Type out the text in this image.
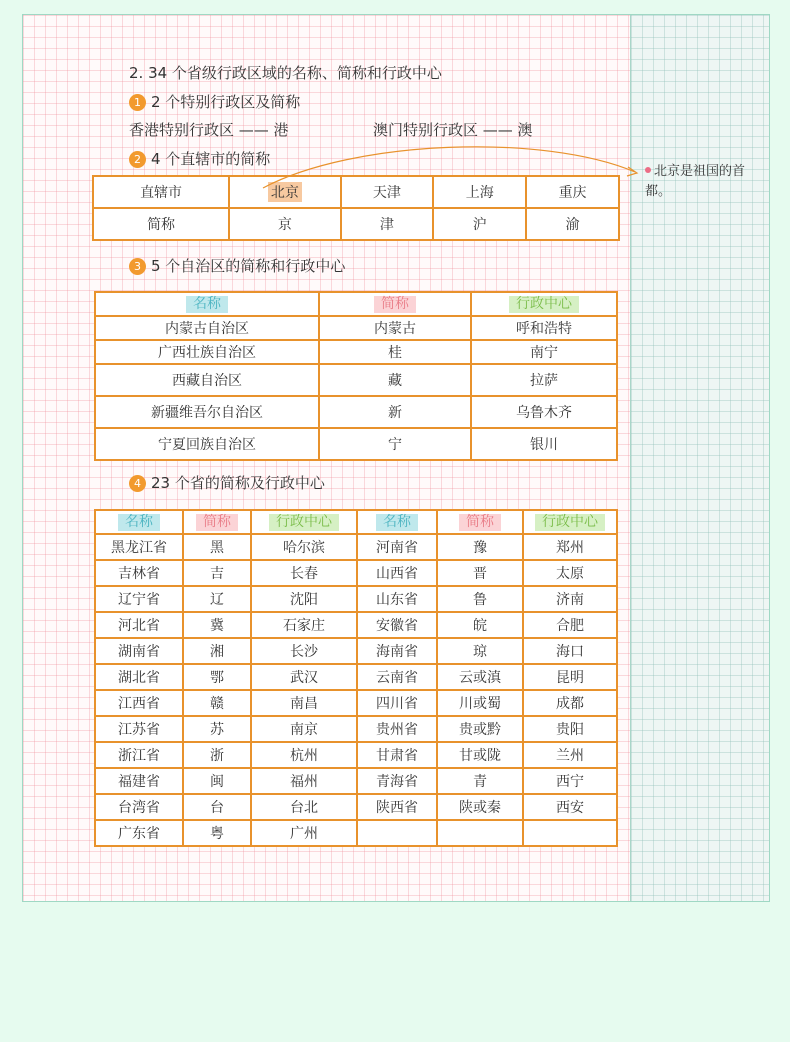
2. 34 个省级行政区域的名称、简称和行政中心
1 2 个特别行政区及简称
香港特别行政区 —— 港	澳门特别行政区 —— 澳
2 4 个直辖市的简称
直辖市	北京	天津	上海	重庆
简称	京	津	沪	渝
北京是祖国的首都。
3 5 个自治区的简称和行政中心
名称	简称	行政中心
内蒙古自治区	内蒙古	呼和浩特
广西壮族自治区	桂	南宁
西藏自治区	藏	拉萨
新疆维吾尔自治区	新	乌鲁木齐
宁夏回族自治区	宁	银川
4 23 个省的简称及行政中心
名称	简称	行政中心	名称	简称	行政中心
黑龙江省	黑	哈尔滨	河南省	豫	郑州
吉林省	吉	长春	山西省	晋	太原
辽宁省	辽	沈阳	山东省	鲁	济南
河北省	冀	石家庄	安徽省	皖	合肥
湖南省	湘	长沙	海南省	琼	海口
湖北省	鄂	武汉	云南省	云或滇	昆明
江西省	赣	南昌	四川省	川或蜀	成都
江苏省	苏	南京	贵州省	贵或黔	贵阳
浙江省	浙	杭州	甘肃省	甘或陇	兰州
福建省	闽	福州	青海省	青	西宁
台湾省	台	台北	陕西省	陕或秦	西安
广东省	粤	广州			
